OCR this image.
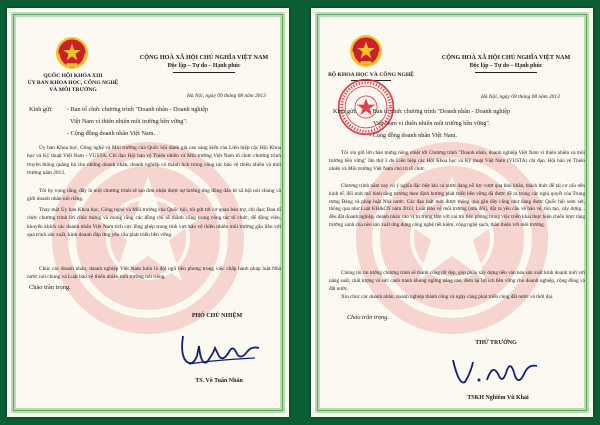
QUỐC HỘI KHÓA XIII

ỦY BAN KHOA HỌC, CÔNG NGHỆ

VÀ MÔI TRƯỜNG

CỘNG HOÀ XÃ HỘI CHỦ NGHĨA VIỆT NAM

Độc lập – Tự do – Hạnh phúc

Hà Nội, ngày 09 tháng 08 năm 2013

Kính gửi:	- Ban tổ chức chương trình "Doanh nhân - Doanh nghiệp

Việt Nam vì thiên nhiên môi trường bền vững".

- Cộng đồng doanh nhân Việt Nam.

Ủy ban Khoa học, Công nghệ và Môi trường của Quốc hội đánh giá cao sáng kiến của Liên hiệp các Hội Khoa học và Kỹ thuật Việt Nam - VUSTA. Chỉ đạo Hội bảo vệ Thiên nhiên và Môi trường Việt Nam tổ chức chương trình truyền thông quảng bá cho những doanh nhân, doanh nghiệp có thành tích trong công tác bảo vệ thiên nhiên và môi trường năm 2013.

Tôi hy vọng rằng, đây là một chương trình sẽ tạo đơn nhận được sự hưởng ứng đông đảo từ xã hội nói chung và giới doanh nhân nói riêng.

Thay mặt Ủy ban Khoa học, Công nghệ và Môi trường của Quốc hội, tôi gửi tới cơ quan báo trợ, chỉ đạo; Ban tổ chức chương trình lời chúc mừng và mong rằng các đồng chí sẽ thành công trong công tác tổ chức, để động viên, khuyến khích các doanh nhân Việt Nam tích cực lồng ghép trong tính vực bảo vệ thiên nhiên môi trường gắn liền với quá trình sản xuất, kinh doanh đáp ứng yêu cầu phát triển bền vững.

Chúc các doanh nhân, doanh nghiệp Việt Nam luôn là đội ngũ tiên phong trong việc chấp hành pháp luật Nhà nước nói chung và Luật bảo vệ thiên nhiên môi trường nói riêng.

Chào trân trọng.

PHÓ CHỦ NHIỆM

TS. Võ Tuấn Nhân

BỘ KHOA HỌC VÀ CÔNG NGHỆ

CỘNG HOÀ XÃ HỘI CHỦ NGHĨA VIỆT NAM

Độc lập – Tự do – Hạnh phúc

Hà Nội, ngày 08 tháng 08 năm 2013

Kính gửi:	- Ban tổ chức chương trình "Doanh nhân - Doanh nghiệp

Việt Nam vì thiên nhiên môi trường bền vững".

- Cộng đồng doanh nhân Việt Nam.

Tôi xin gửi lời chào mừng nồng nhiệt tới Chương trình "Doanh nhân, doanh nghiệp Việt Nam vì thiên nhiên và môi trường bền vững" lần thứ 3 do Liên hiệp các Hội Khoa học và Kỹ thuật Việt Nam (VUSTA) chỉ đạo, Hội bảo vệ Thiên nhiên và Môi trường Việt Nam chủ trì tổ chức.

Chương trình năm nay có ý nghĩa đặc biệt khi cả nước đang nỗ lực vượt qua khó khăn, thách thức để tái cơ cấu nền kinh tế, đổi mới mô hình tăng trưởng theo định hướng phát triển bền vững đã được đề ra trong các nghị quyết của Trung ương Đảng và pháp luật Nhà nước. Các đạo luật mới được thông qua gần đây cũng như đang được Quốc hội xem xét, thông qua như Luật KH&CN năm 2013, Luật Bảo vệ môi trường (sửa đổi), đặt ra yêu cầu về bảo vệ, tôn tạo, xây dựng... đều đặt doanh nghiệp, doanh nhân vào vị trí trung tâm với vai trò tiên phong trong việc triển khai thực hiện chiến lược tăng trưởng xanh của nền sản xuất ứng dụng công nghệ tiết kiệm, công nghệ sạch, thân thiện với môi trường.

Chúng tôi tin tưởng chương trình sẽ thành công tốt đẹp, góp phần xây dựng nền văn hóa sản xuất kinh doanh mới với năng suất, chất lượng và sức cạnh tranh không ngừng nâng cao, đem lại lợi ích bền vững cho doanh nghiệp, cộng đồng và đất nước.

Xin chúc các doanh nhân, doanh nghiệp thành công và ngày càng phát triển cùng đất nước và thời đại.

Chào trân trọng.

THỨ TRƯỞNG

TSKH Nghiêm Vũ Khải
